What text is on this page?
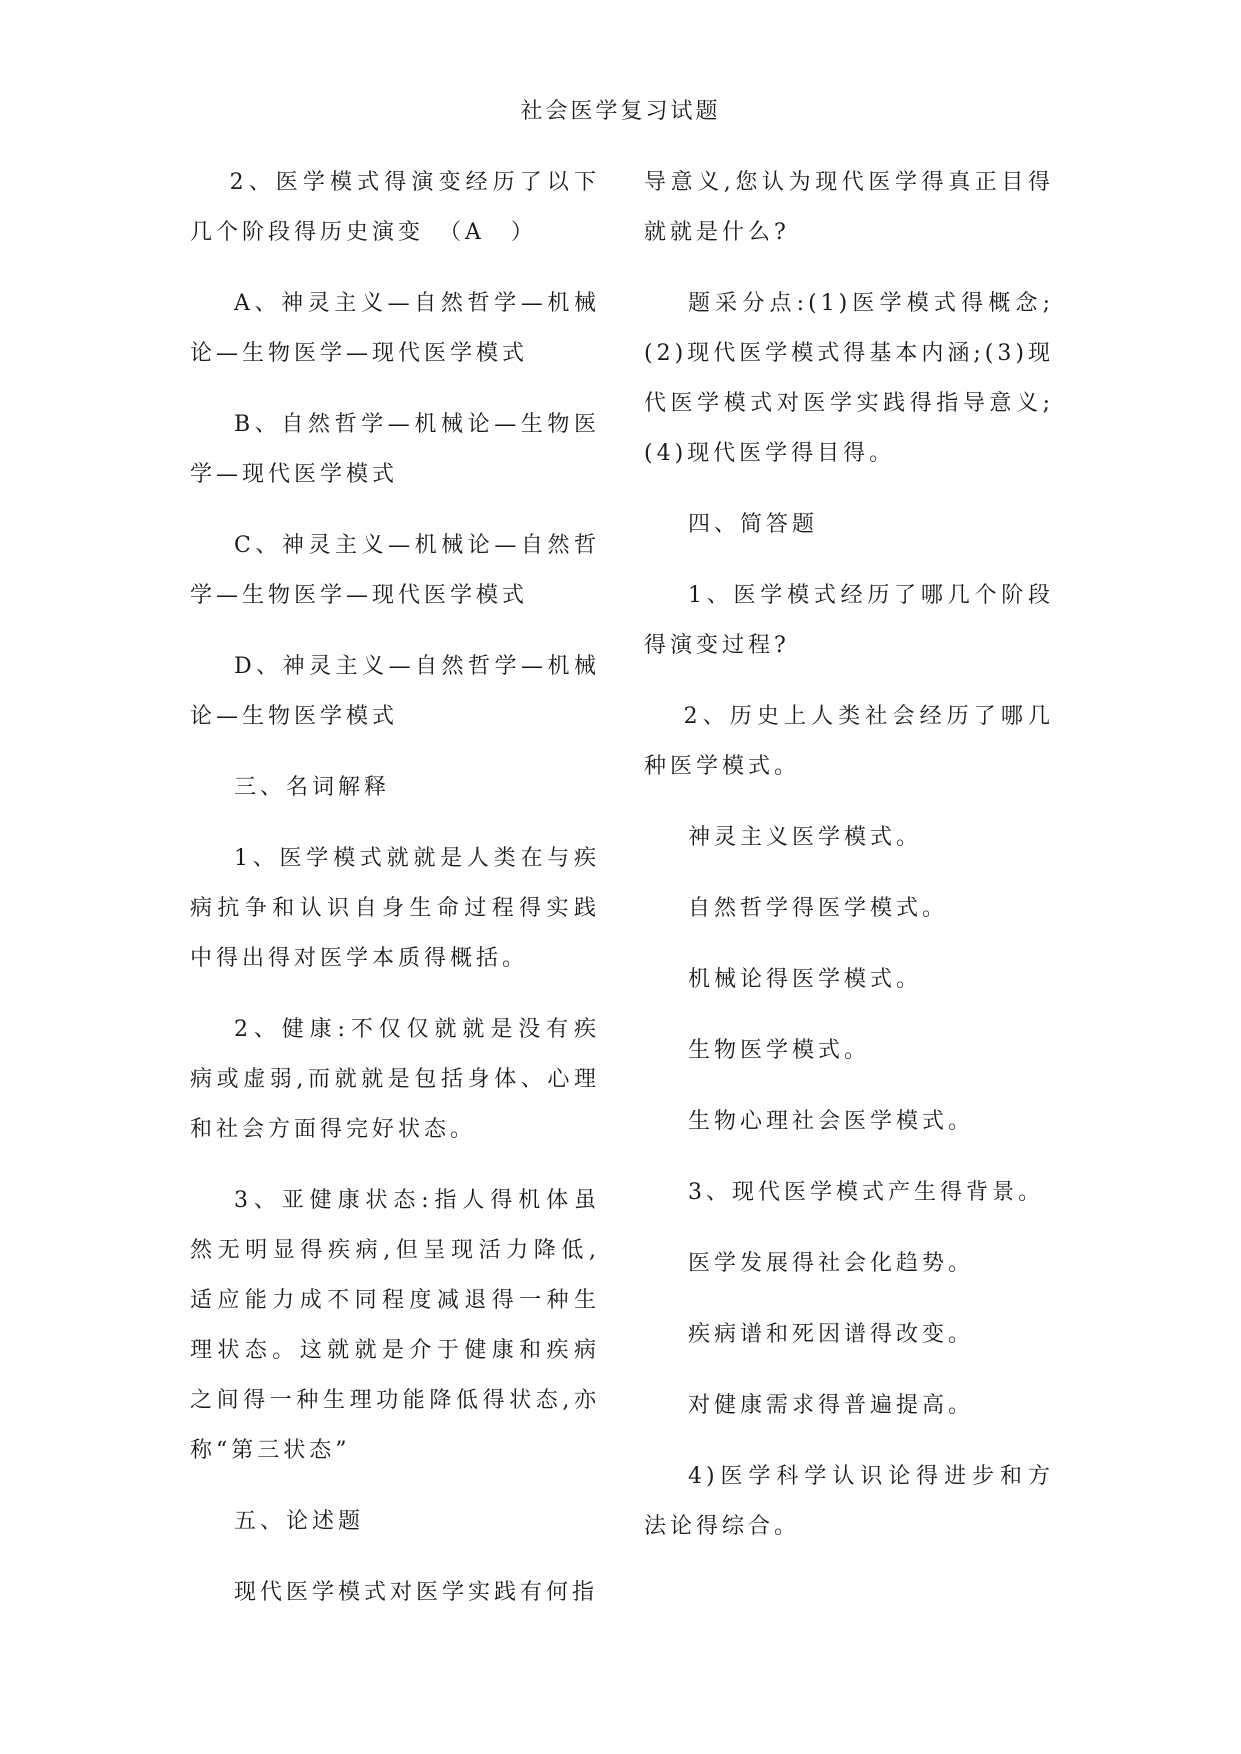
社会医学复习试题

2、医学模式得演变经历了以下几个阶段得历史演变　（A　）

A、神灵主义—自然哲学—机械论—生物医学—现代医学模式

B、自然哲学—机械论—生物医学—现代医学模式

C、神灵主义—机械论—自然哲学—生物医学—现代医学模式

D、神灵主义—自然哲学—机械论—生物医学模式

三、名词解释

1、医学模式就就是人类在与疾病抗争和认识自身生命过程得实践中得出得对医学本质得概括。

2、健康:不仅仅就就是没有疾病或虚弱,而就就是包括身体、心理和社会方面得完好状态。

3、亚健康状态:指人得机体虽然无明显得疾病,但呈现活力降低,适应能力成不同程度减退得一种生理状态。这就就是介于健康和疾病之间得一种生理功能降低得状态,亦称“第三状态”

五、论述题

现代医学模式对医学实践有何指

导意义,您认为现代医学得真正目得就就是什么?

题采分点:(1)医学模式得概念;(2)现代医学模式得基本内涵;(3)现代医学模式对医学实践得指导意义;(4)现代医学得目得。

四、简答题

1、医学模式经历了哪几个阶段得演变过程?

2、历史上人类社会经历了哪几种医学模式。

神灵主义医学模式。

自然哲学得医学模式。

机械论得医学模式。

生物医学模式。

生物心理社会医学模式。

3、现代医学模式产生得背景。

医学发展得社会化趋势。

疾病谱和死因谱得改变。

对健康需求得普遍提高。

4)医学科学认识论得进步和方法论得综合。
